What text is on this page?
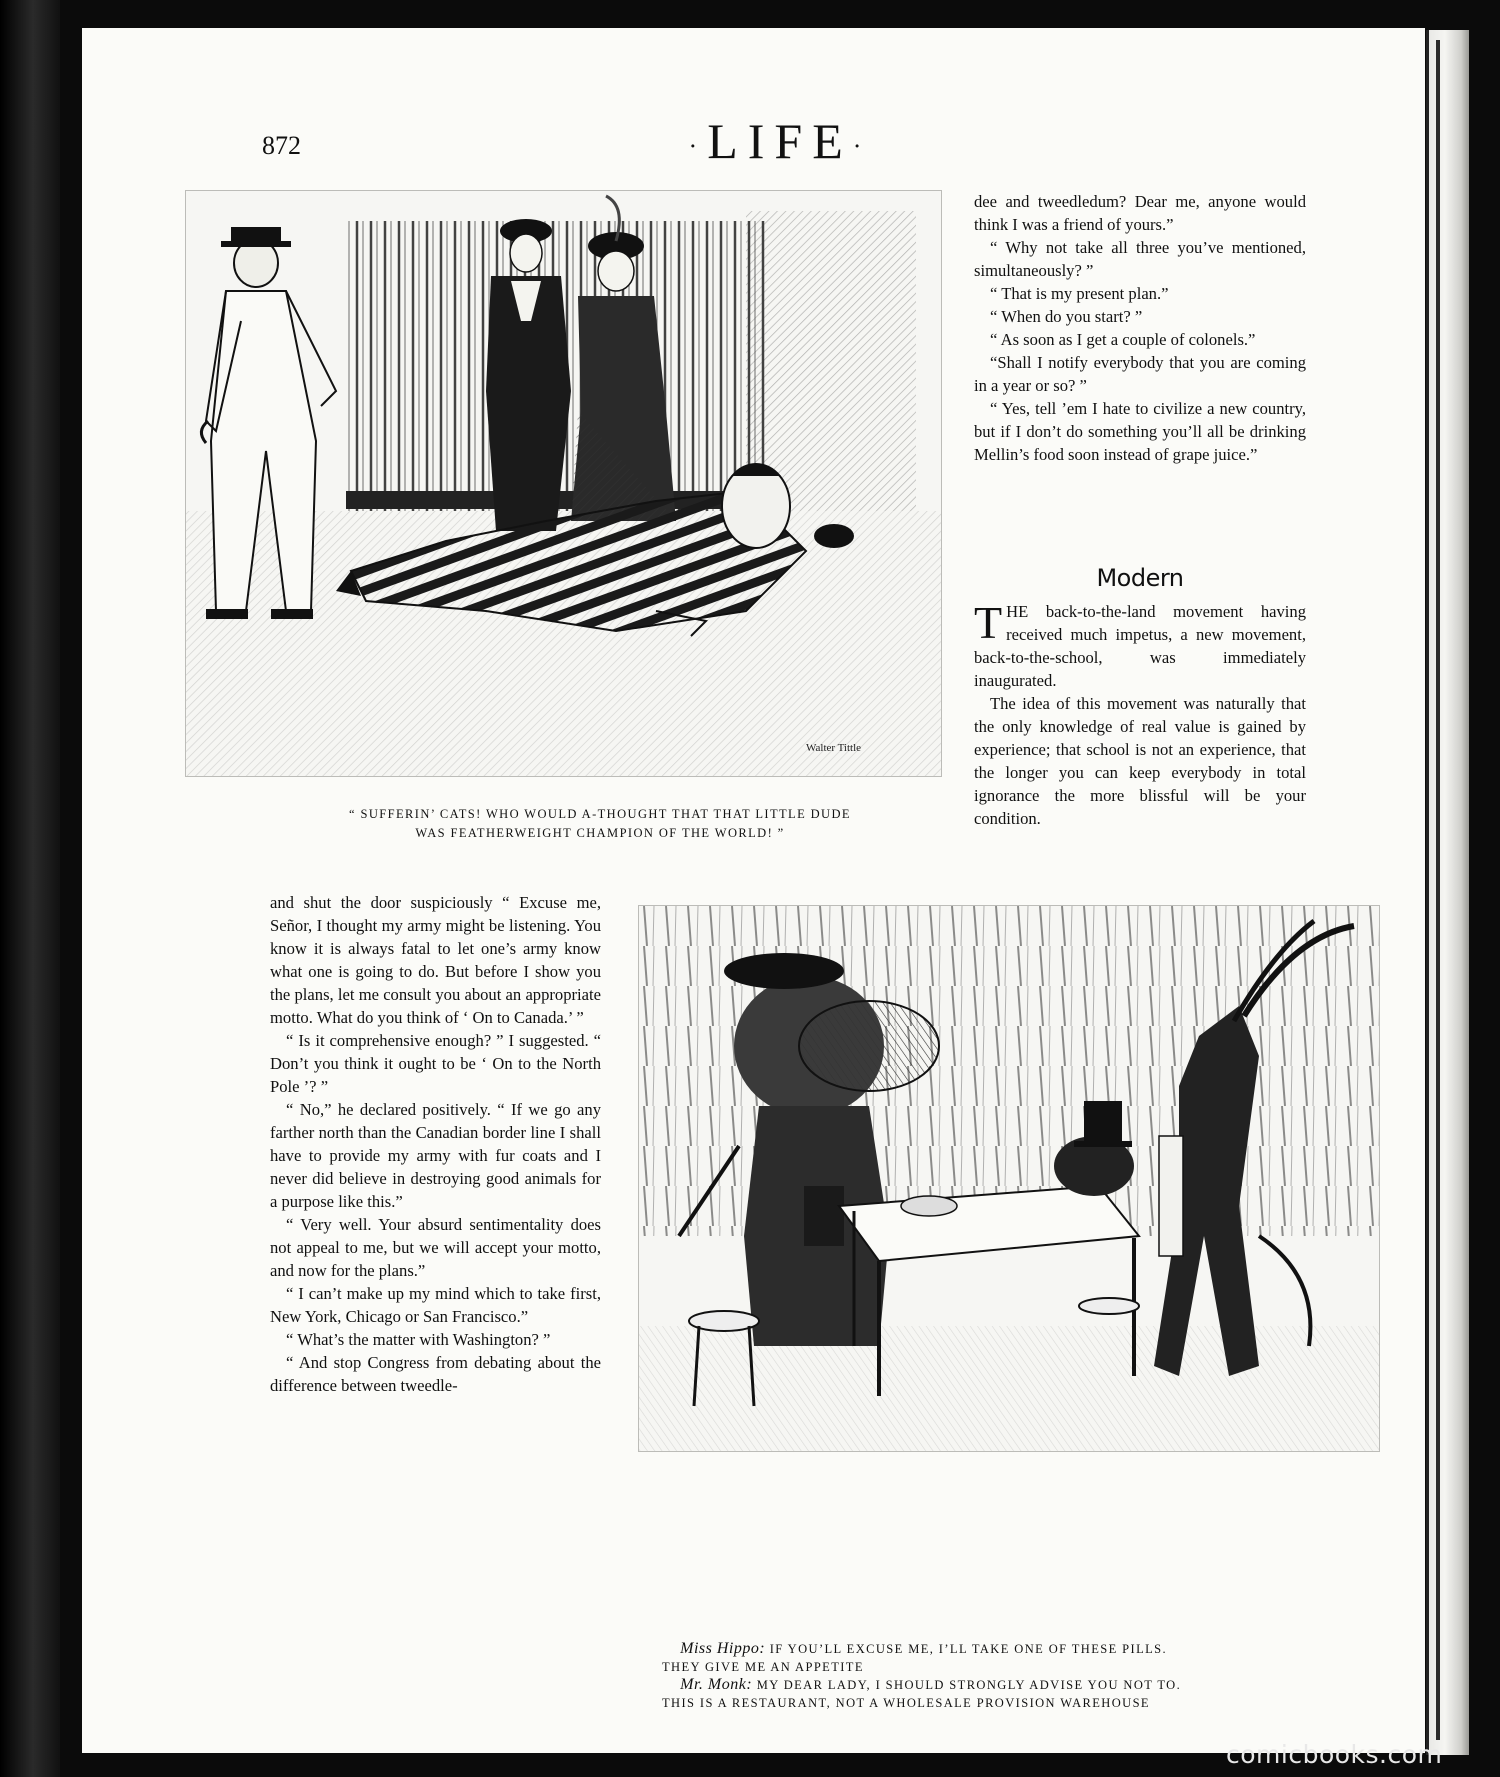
872	·LIFE·
Walter Tittle
“ SUFFERIN’ CATS! WHO WOULD A-THOUGHT THAT THAT LITTLE DUDE
WAS FEATHERWEIGHT CHAMPION OF THE WORLD! ”

dee and tweedledum? Dear me, anyone would think I was a friend of yours.”

“ Why not take all three you’ve mentioned, simultaneously? ”

“ That is my present plan.”

“ When do you start? ”

“ As soon as I get a couple of colonels.”

“Shall I notify everybody that you are coming in a year or so? ”

“ Yes, tell ’em I hate to civilize a new country, but if I don’t do something you’ll all be drinking Mellin’s food soon instead of grape juice.”

Modern

THE back-to-the-land movement having received much impetus, a new movement, back-to-the-school, was immediately inaugurated.

The idea of this movement was naturally that the only knowledge of real value is gained by experience; that school is not an experience, that the longer you can keep everybody in total ignorance the more blissful will be your condition.

and shut the door suspiciously “ Excuse me, Señor, I thought my army might be listening. You know it is always fatal to let one’s army know what one is going to do. But before I show you the plans, let me consult you about an appropriate motto. What do you think of ‘ On to Canada.’ ”

“ Is it comprehensive enough? ” I suggested. “ Don’t you think it ought to be ‘ On to the North Pole ’? ”

“ No,” he declared positively. “ If we go any farther north than the Canadian border line I shall have to provide my army with fur coats and I never did believe in destroying good animals for a purpose like this.”

“ Very well. Your absurd sentimentality does not appeal to me, but we will accept your motto, and now for the plans.”

“ I can’t make up my mind which to take first, New York, Chicago or San Francisco.”

“ What’s the matter with Washington? ”

“ And stop Congress from debating about the difference between tweedle-

Miss Hippo: IF YOU’LL EXCUSE ME, I’LL TAKE ONE OF THESE PILLS.
THEY GIVE ME AN APPETITE
Mr. Monk: MY DEAR LADY, I SHOULD STRONGLY ADVISE YOU NOT TO.
THIS IS A RESTAURANT, NOT A WHOLESALE PROVISION WAREHOUSE
comicbooks.com
